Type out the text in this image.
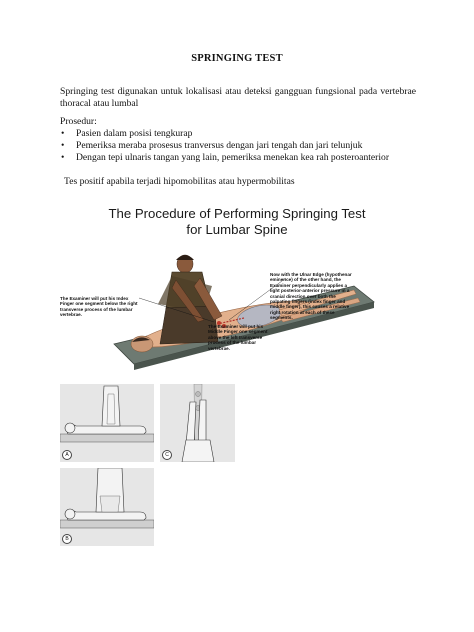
SPRINGING TEST
Springing test digunakan untuk lokalisasi atau deteksi gangguan fungsional pada vertebrae thoracal atau lumbal
Prosedur:
• Pasien dalam posisi tengkurap
• Pemeriksa meraba prosesus tranversus dengan jari tengah dan jari telunjuk
• Dengan tepi ulnaris tangan yang lain, pemeriksa menekan kea rah posteroanterior
Tes positif apabila terjadi hipomobilitas atau hypermobilitas
The Procedure of Performing Springing Test
for Lumbar Spine
The Examiner will put his Index Finger one segment below the right transverse process of the lumbar vertebrae.
Now with the Ulnar Edge (hypothenar eminence) of the other hand, the Examiner perpendicularly applies a light posterior-anterior pressure in a cranial direction over both the palpating fingers (index finger and middle finger), this causes a relative right rotation at each of these segments.
The Examiner will put his Middle Finger one segment above the left transverse process of the lumbar vertebrae.
A	C
B
